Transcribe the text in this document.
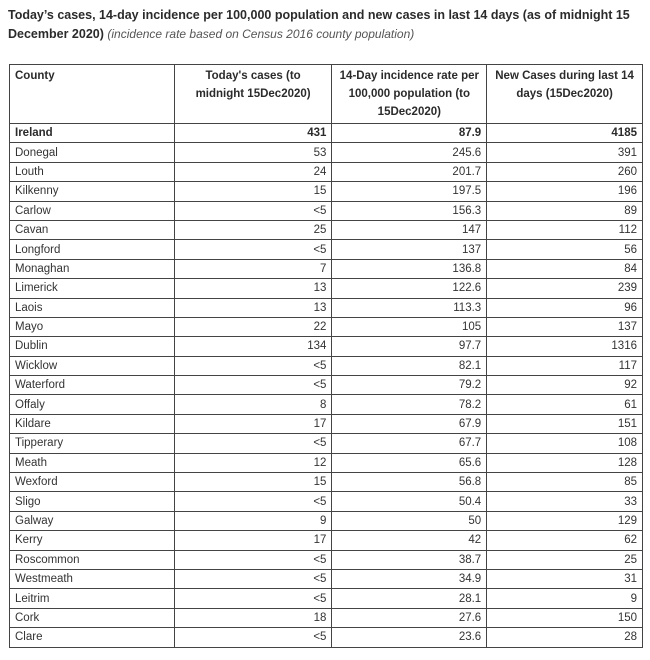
Today’s cases, 14-day incidence per 100,000 population and new cases in last 14 days (as of midnight 15 December 2020) (incidence rate based on Census 2016 county population)
County	Today's cases (to midnight 15Dec2020)	14-Day incidence rate per 100,000 population (to 15Dec2020)	New Cases during last 14 days (15Dec2020)
Ireland	431	87.9	4185
Donegal	53	245.6	391
Louth	24	201.7	260
Kilkenny	15	197.5	196
Carlow	<5	156.3	89
Cavan	25	147	112
Longford	<5	137	56
Monaghan	7	136.8	84
Limerick	13	122.6	239
Laois	13	113.3	96
Mayo	22	105	137
Dublin	134	97.7	1316
Wicklow	<5	82.1	117
Waterford	<5	79.2	92
Offaly	8	78.2	61
Kildare	17	67.9	151
Tipperary	<5	67.7	108
Meath	12	65.6	128
Wexford	15	56.8	85
Sligo	<5	50.4	33
Galway	9	50	129
Kerry	17	42	62
Roscommon	<5	38.7	25
Westmeath	<5	34.9	31
Leitrim	<5	28.1	9
Cork	18	27.6	150
Clare	<5	23.6	28
